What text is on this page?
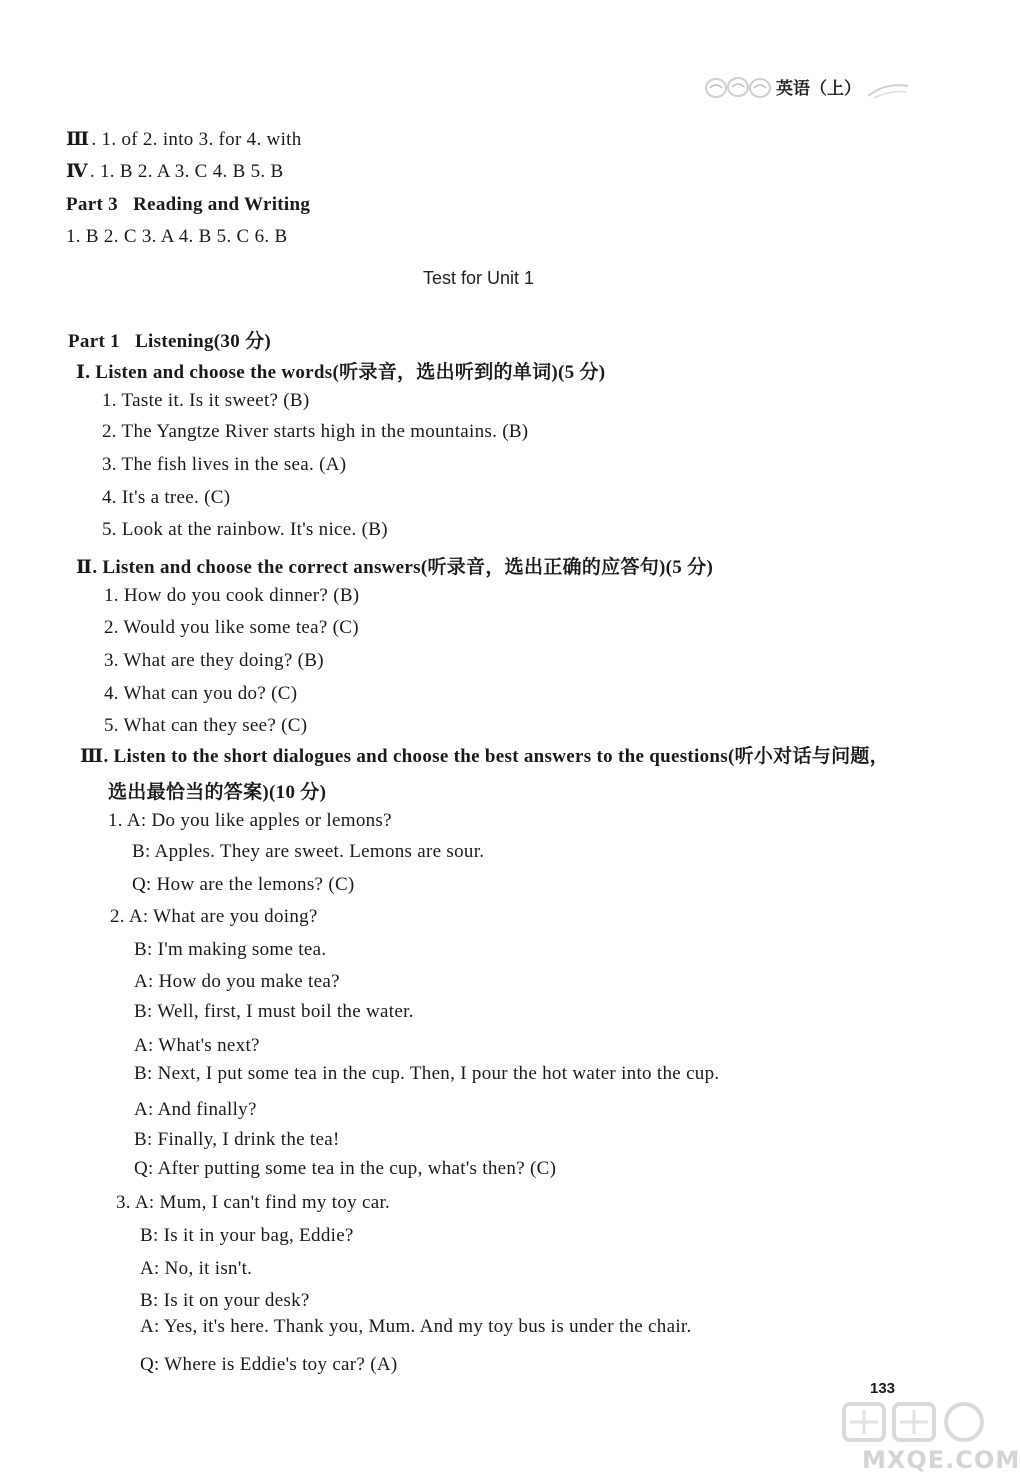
英语（上）
Ⅲ . 1. of 2. into 3. for 4. with
Ⅳ . 1. B 2. A 3. C 4. B 5. B
Part 3 Reading and Writing
1. B 2. C 3. A 4. B 5. C 6. B
Test for Unit 1
Part 1 Listening(30 分)
Ⅰ. Listen and choose the words(听录音，选出听到的单词)(5 分)
1. Taste it. Is it sweet? (B)
2. The Yangtze River starts high in the mountains. (B)
3. The fish lives in the sea. (A)
4. It's a tree. (C)
5. Look at the rainbow. It's nice. (B)
Ⅱ. Listen and choose the correct answers(听录音，选出正确的应答句)(5 分)
1. How do you cook dinner? (B)
2. Would you like some tea? (C)
3. What are they doing? (B)
4. What can you do? (C)
5. What can they see? (C)
Ⅲ. Listen to the short dialogues and choose the best answers to the questions(听小对话与问题，
选出最恰当的答案)(10 分)
1. A: Do you like apples or lemons?
B: Apples. They are sweet. Lemons are sour.
Q: How are the lemons? (C)
2. A: What are you doing?
B: I'm making some tea.
A: How do you make tea?
B: Well, first, I must boil the water.
A: What's next?
B: Next, I put some tea in the cup. Then, I pour the hot water into the cup.
A: And finally?
B: Finally, I drink the tea!
Q: After putting some tea in the cup, what's then? (C)
3. A: Mum, I can't find my toy car.
B: Is it in your bag, Eddie?
A: No, it isn't.
B: Is it on your desk?
A: Yes, it's here. Thank you, Mum. And my toy bus is under the chair.
Q: Where is Eddie's toy car? (A)
133
MXQE.COM
